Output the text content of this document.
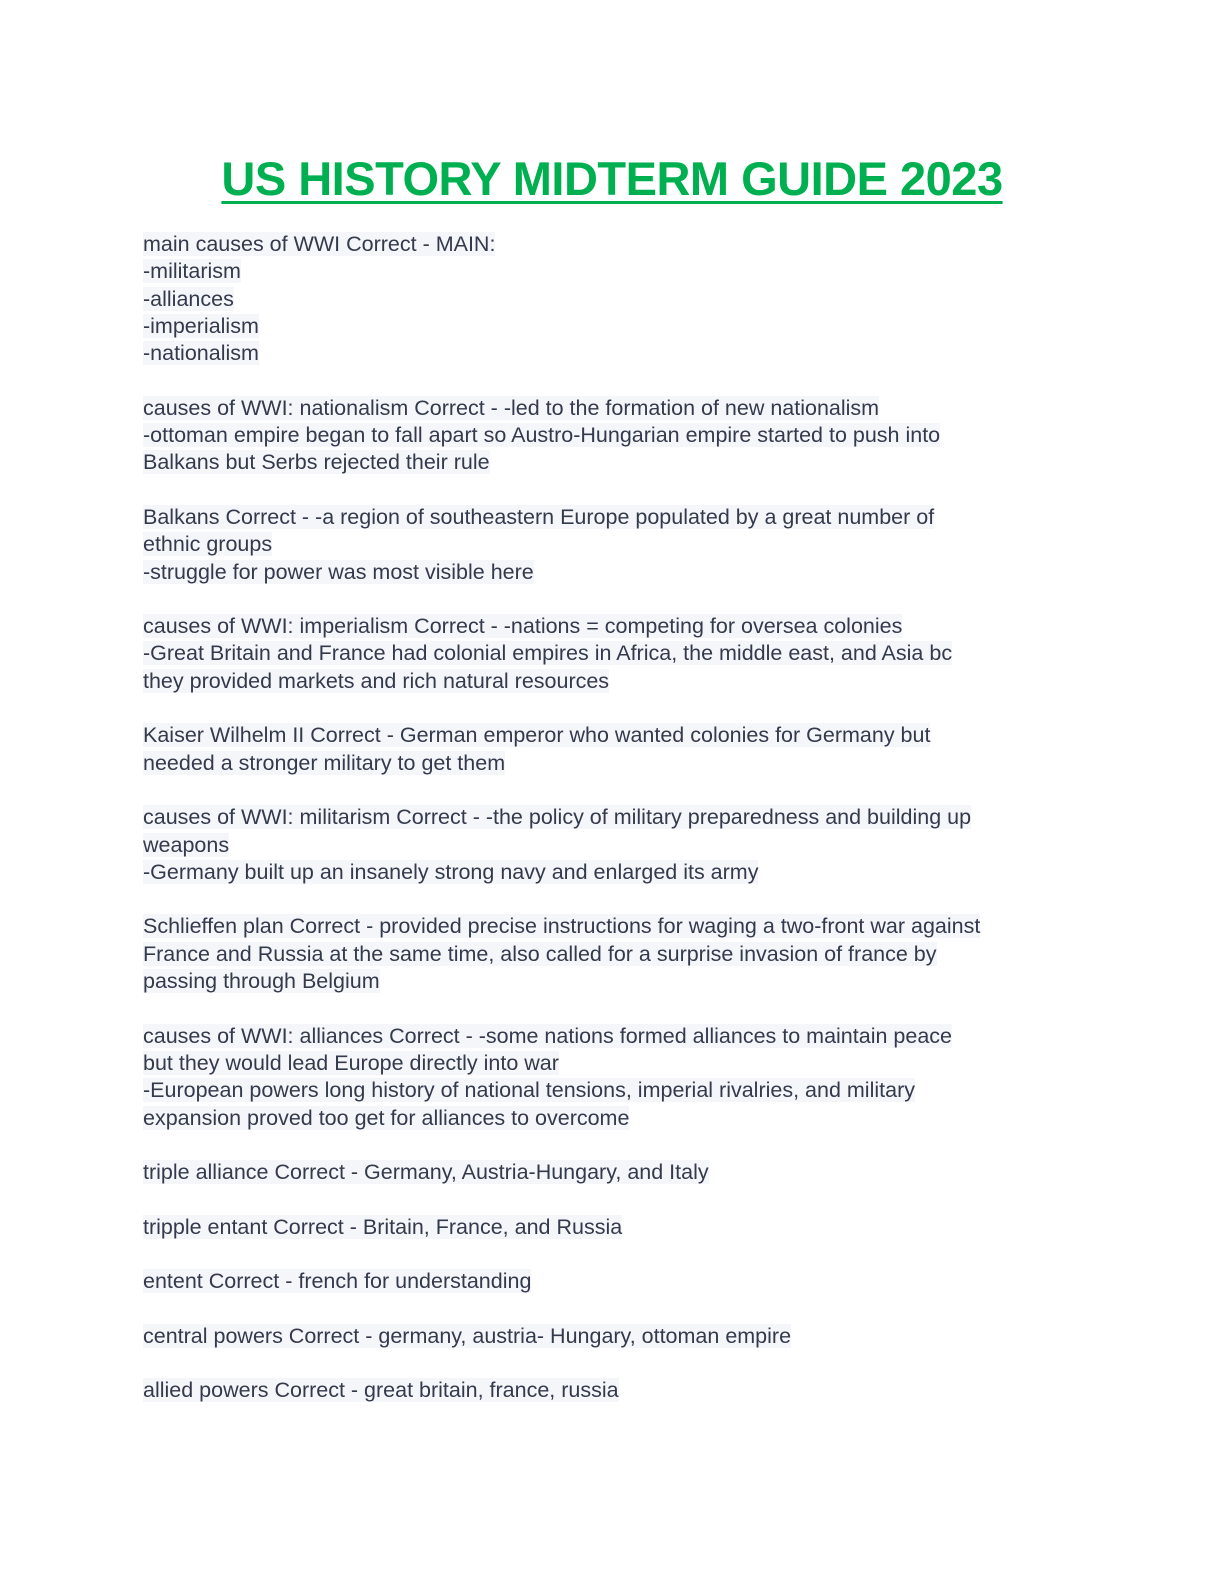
US HISTORY MIDTERM GUIDE 2023
main causes of WWI Correct - MAIN:
-militarism
-alliances
-imperialism
-nationalism
causes of WWI: nationalism Correct - -led to the formation of new nationalism
-ottoman empire began to fall apart so Austro-Hungarian empire started to push into
Balkans but Serbs rejected their rule
Balkans Correct - -a region of southeastern Europe populated by a great number of
ethnic groups
-struggle for power was most visible here
causes of WWI: imperialism Correct - -nations = competing for oversea colonies
-Great Britain and France had colonial empires in Africa, the middle east, and Asia bc
they provided markets and rich natural resources
Kaiser Wilhelm II Correct - German emperor who wanted colonies for Germany but
needed a stronger military to get them
causes of WWI: militarism Correct - -the policy of military preparedness and building up
weapons
-Germany built up an insanely strong navy and enlarged its army
Schlieffen plan Correct - provided precise instructions for waging a two-front war against
France and Russia at the same time, also called for a surprise invasion of france by
passing through Belgium
causes of WWI: alliances Correct - -some nations formed alliances to maintain peace
but they would lead Europe directly into war
-European powers long history of national tensions, imperial rivalries, and military
expansion proved too get for alliances to overcome
triple alliance Correct - Germany, Austria-Hungary, and Italy
tripple entant Correct - Britain, France, and Russia
entent Correct - french for understanding
central powers Correct - germany, austria- Hungary, ottoman empire
allied powers Correct - great britain, france, russia
